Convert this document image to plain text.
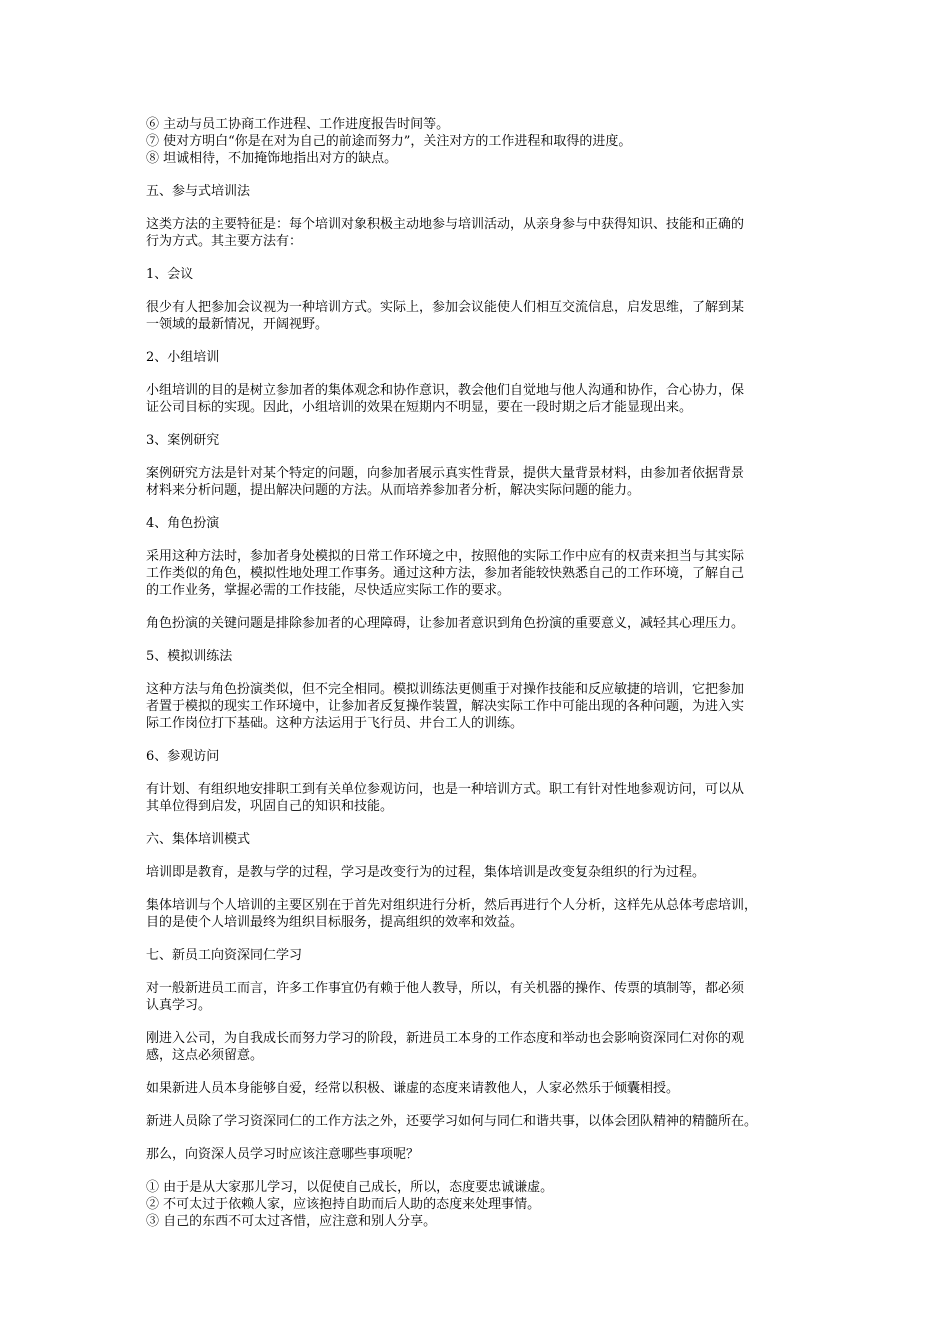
⑥ 主动与员工协商工作进程、工作进度报告时间等。
⑦ 使对方明白“你是在对为自己的前途而努力”，关注对方的工作进程和取得的进度。
⑧ 坦诚相待，不加掩饰地指出对方的缺点。
五、参与式培训法
这类方法的主要特征是：每个培训对象积极主动地参与培训活动，从亲身参与中获得知识、技能和正确的
行为方式。其主要方法有：
1、会议
很少有人把参加会议视为一种培训方式。实际上，参加会议能使人们相互交流信息，启发思维，了解到某
一领域的最新情况，开阔视野。
2、小组培训
小组培训的目的是树立参加者的集体观念和协作意识，教会他们自觉地与他人沟通和协作，合心协力，保
证公司目标的实现。因此，小组培训的效果在短期内不明显，要在一段时期之后才能显现出来。
3、案例研究
案例研究方法是针对某个特定的问题，向参加者展示真实性背景，提供大量背景材料，由参加者依据背景
材料来分析问题，提出解决问题的方法。从而培养参加者分析，解决实际问题的能力。
4、角色扮演
采用这种方法时，参加者身处模拟的日常工作环境之中，按照他的实际工作中应有的权责来担当与其实际
工作类似的角色，模拟性地处理工作事务。通过这种方法，参加者能较快熟悉自己的工作环境，了解自己
的工作业务，掌握必需的工作技能，尽快适应实际工作的要求。
角色扮演的关键问题是排除参加者的心理障碍，让参加者意识到角色扮演的重要意义，减轻其心理压力。
5、模拟训练法
这种方法与角色扮演类似，但不完全相同。模拟训练法更侧重于对操作技能和反应敏捷的培训，它把参加
者置于模拟的现实工作环境中，让参加者反复操作装置，解决实际工作中可能出现的各种问题，为进入实
际工作岗位打下基础。这种方法运用于飞行员、井台工人的训练。
6、参观访问
有计划、有组织地安排职工到有关单位参观访问，也是一种培训方式。职工有针对性地参观访问，可以从
其单位得到启发，巩固自己的知识和技能。
六、集体培训模式
培训即是教育，是教与学的过程，学习是改变行为的过程，集体培训是改变复杂组织的行为过程。
集体培训与个人培训的主要区别在于首先对组织进行分析，然后再进行个人分析，这样先从总体考虑培训，
目的是使个人培训最终为组织目标服务，提高组织的效率和效益。
七、新员工向资深同仁学习
对一般新进员工而言，许多工作事宜仍有赖于他人教导，所以，有关机器的操作、传票的填制等，都必须
认真学习。
刚进入公司，为自我成长而努力学习的阶段，新进员工本身的工作态度和举动也会影响资深同仁对你的观
感，这点必须留意。
如果新进人员本身能够自爱，经常以积极、谦虚的态度来请教他人，人家必然乐于倾囊相授。
新进人员除了学习资深同仁的工作方法之外，还要学习如何与同仁和谐共事，以体会团队精神的精髓所在。
那么，向资深人员学习时应该注意哪些事项呢？
① 由于是从大家那儿学习，以促使自己成长，所以，态度要忠诚谦虚。
② 不可太过于依赖人家，应该抱持自助而后人助的态度来处理事情。
③ 自己的东西不可太过吝惜，应注意和别人分享。
